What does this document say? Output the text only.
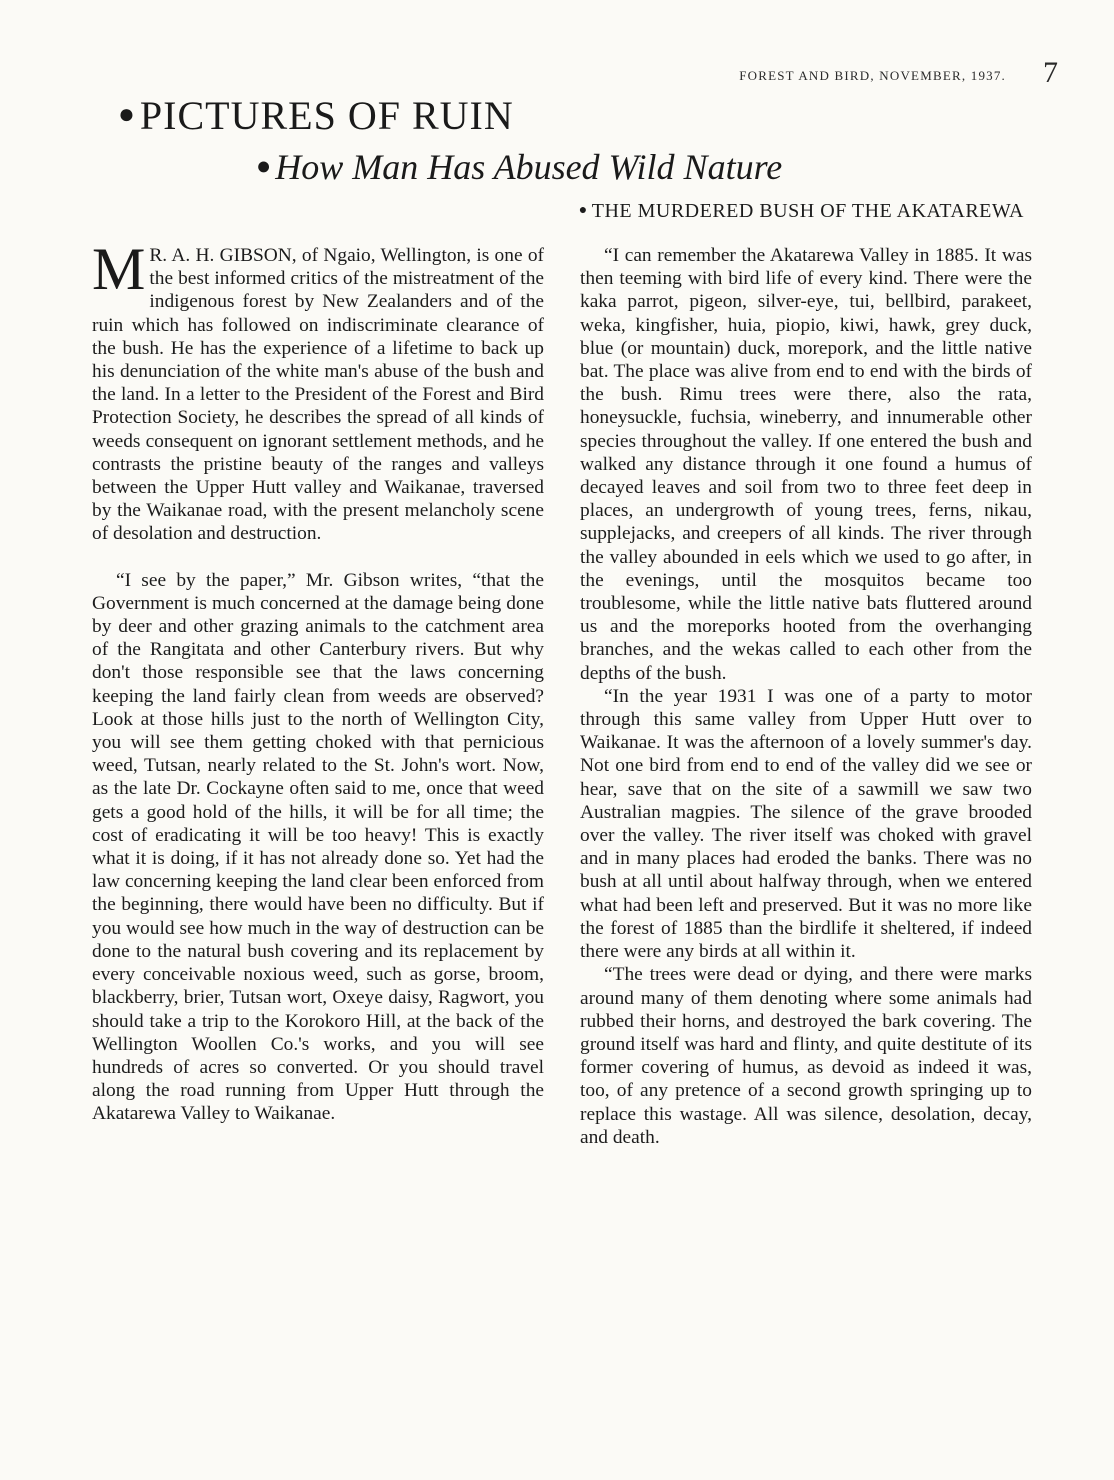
FOREST AND BIRD, NOVEMBER, 1937. 7
● PICTURES OF RUIN
● How Man Has Abused Wild Nature
● THE MURDERED BUSH OF THE AKATAREWA

M R. A. H. GIBSON, of Ngaio, Wellington, is one of the best informed critics of the mistreatment of the indigenous forest by New Zealanders and of the ruin which has followed on indiscriminate clearance of the bush. He has the experience of a lifetime to back up his denunciation of the white man's abuse of the bush and the land. In a letter to the President of the Forest and Bird Protection Society, he describes the spread of all kinds of weeds consequent on ignorant settlement methods, and he contrasts the pristine beauty of the ranges and valleys between the Upper Hutt valley and Waikanae, traversed by the Waikanae road, with the present melancholy scene of desolation and destruction.

“I see by the paper,” Mr. Gibson writes, “that the Government is much concerned at the damage being done by deer and other grazing animals to the catchment area of the Rangitata and other Canterbury rivers. But why don't those responsible see that the laws concerning keeping the land fairly clean from weeds are observed? Look at those hills just to the north of Wellington City, you will see them getting choked with that pernicious weed, Tutsan, nearly related to the St. John's wort. Now, as the late Dr. Cockayne often said to me, once that weed gets a good hold of the hills, it will be for all time; the cost of eradicating it will be too heavy! This is exactly what it is doing, if it has not already done so. Yet had the law concerning keeping the land clear been enforced from the beginning, there would have been no difficulty. But if you would see how much in the way of destruction can be done to the natural bush covering and its replacement by every conceivable noxious weed, such as gorse, broom, blackberry, brier, Tutsan wort, Oxeye daisy, Ragwort, you should take a trip to the Korokoro Hill, at the back of the Wellington Woollen Co.'s works, and you will see hundreds of acres so converted. Or you should travel along the road running from Upper Hutt through the Akatarewa Valley to Waikanae.

“I can remember the Akatarewa Valley in 1885. It was then teeming with bird life of every kind. There were the kaka parrot, pigeon, silver-eye, tui, bellbird, parakeet, weka, kingfisher, huia, piopio, kiwi, hawk, grey duck, blue (or mountain) duck, morepork, and the little native bat. The place was alive from end to end with the birds of the bush. Rimu trees were there, also the rata, honeysuckle, fuchsia, wineberry, and innumerable other species throughout the valley. If one entered the bush and walked any distance through it one found a humus of decayed leaves and soil from two to three feet deep in places, an undergrowth of young trees, ferns, nikau, supplejacks, and creepers of all kinds. The river through the valley abounded in eels which we used to go after, in the evenings, until the mosquitos became too troublesome, while the little native bats fluttered around us and the moreporks hooted from the overhanging branches, and the wekas called to each other from the depths of the bush.

“In the year 1931 I was one of a party to motor through this same valley from Upper Hutt over to Waikanae. It was the afternoon of a lovely summer's day. Not one bird from end to end of the valley did we see or hear, save that on the site of a sawmill we saw two Australian magpies. The silence of the grave brooded over the valley. The river itself was choked with gravel and in many places had eroded the banks. There was no bush at all until about halfway through, when we entered what had been left and preserved. But it was no more like the forest of 1885 than the birdlife it sheltered, if indeed there were any birds at all within it.

“The trees were dead or dying, and there were marks around many of them denoting where some animals had rubbed their horns, and destroyed the bark covering. The ground itself was hard and flinty, and quite destitute of its former covering of humus, as devoid as indeed it was, too, of any pretence of a second growth springing up to replace this wastage. All was silence, desolation, decay, and death.
